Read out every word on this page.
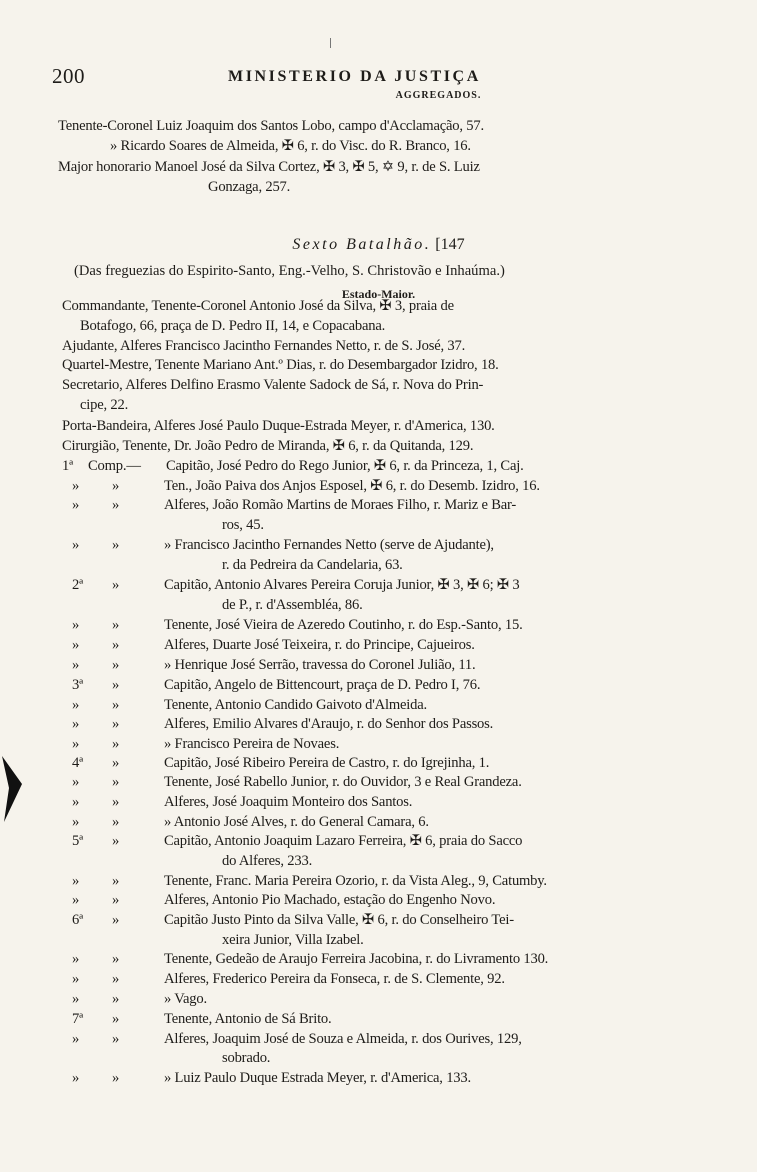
200	MINISTERIO DA JUSTIÇA
AGGREGADOS.
Tenente-Coronel Luiz Joaquim dos Santos Lobo, campo d'Acclamação, 57.
» Ricardo Soares de Almeida, ✠ 6, r. do Visc. do R. Branco, 16.
Major honorario Manoel José da Silva Cortez, ✠ 3, ✠ 5, ✡ 9, r. de S. Luiz
Gonzaga, 257.
Sexto Batalhão. [147
(Das freguezias do Espirito-Santo, Eng.-Velho, S. Christovão e Inhaúma.)
Estado-Maior.
Commandante, Tenente-Coronel Antonio José da Silva, ✠ 3, praia de
Botafogo, 66, praça de D. Pedro II, 14, e Copacabana.
Ajudante, Alferes Francisco Jacintho Fernandes Netto, r. de S. José, 37.
Quartel-Mestre, Tenente Mariano Ant.º Dias, r. do Desembargador Izidro, 18.
Secretario, Alferes Delfino Erasmo Valente Sadock de Sá, r. Nova do Prin-
cipe, 22.
Porta-Bandeira, Alferes José Paulo Duque-Estrada Meyer, r. d'America, 130.
Cirurgião, Tenente, Dr. João Pedro de Miranda, ✠ 6, r. da Quitanda, 129.
1ª Comp.— Capitão, José Pedro do Rego Junior, ✠ 6, r. da Princeza, 1, Caj.
» »	Ten., João Paiva dos Anjos Esposel, ✠ 6, r. do Desemb. Izidro, 16.
» »	Alferes, João Romão Martins de Moraes Filho, r. Mariz e Bar-
ros, 45.
» »	» Francisco Jacintho Fernandes Netto (serve de Ajudante),
r. da Pedreira da Candelaria, 63.
2ª »	Capitão, Antonio Alvares Pereira Coruja Junior, ✠ 3, ✠ 6; ✠ 3
de P., r. d'Assembléa, 86.
» »	Tenente, José Vieira de Azeredo Coutinho, r. do Esp.-Santo, 15.
» »	Alferes, Duarte José Teixeira, r. do Principe, Cajueiros.
» »	» Henrique José Serrão, travessa do Coronel Julião, 11.
3ª »	Capitão, Angelo de Bittencourt, praça de D. Pedro I, 76.
» »	Tenente, Antonio Candido Gaivoto d'Almeida.
» »	Alferes, Emilio Alvares d'Araujo, r. do Senhor dos Passos.
» »	» Francisco Pereira de Novaes.
4ª »	Capitão, José Ribeiro Pereira de Castro, r. do Igrejinha, 1.
» »	Tenente, José Rabello Junior, r. do Ouvidor, 3 e Real Grandeza.
» »	Alferes, José Joaquim Monteiro dos Santos.
» »	» Antonio José Alves, r. do General Camara, 6.
5ª »	Capitão, Antonio Joaquim Lazaro Ferreira, ✠ 6, praia do Sacco
do Alferes, 233.
» »	Tenente, Franc. Maria Pereira Ozorio, r. da Vista Aleg., 9, Catumby.
» »	Alferes, Antonio Pio Machado, estação do Engenho Novo.
6ª »	Capitão Justo Pinto da Silva Valle, ✠ 6, r. do Conselheiro Tei-
xeira Junior, Villa Izabel.
» »	Tenente, Gedeão de Araujo Ferreira Jacobina, r. do Livramento 130.
» »	Alferes, Frederico Pereira da Fonseca, r. de S. Clemente, 92.
» »	» Vago.
7ª »	Tenente, Antonio de Sá Brito.
» »	Alferes, Joaquim José de Souza e Almeida, r. dos Ourives, 129,
sobrado.
» »	» Luiz Paulo Duque Estrada Meyer, r. d'America, 133.
